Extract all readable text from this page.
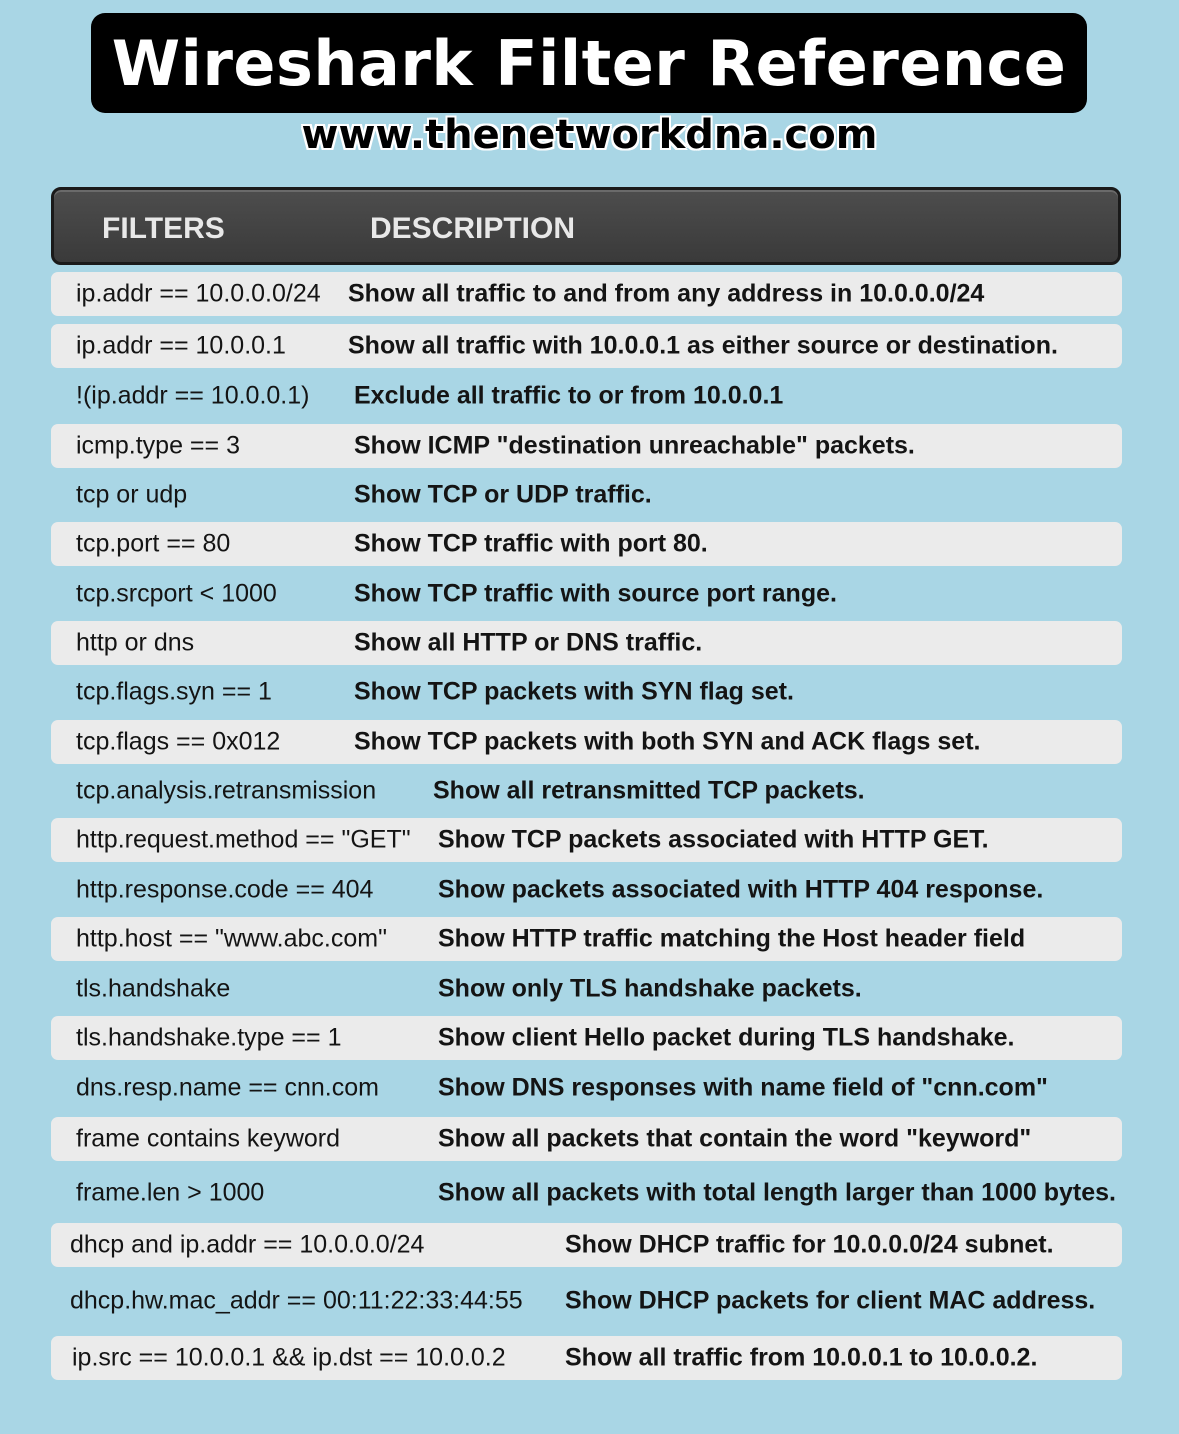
Wireshark Filter Reference
www.thenetworkdna.com
FILTERS	DESCRIPTION
ip.addr == 10.0.0.0/24 Show all traffic to and from any address in 10.0.0.0/24
ip.addr == 10.0.0.1 Show all traffic with 10.0.0.1 as either source or destination.
!(ip.addr == 10.0.0.1) Exclude all traffic to or from 10.0.0.1
icmp.type == 3	Show ICMP "destination unreachable" packets.
tcp or udp	Show TCP or UDP traffic.
tcp.port == 80	Show TCP traffic with port 80.
tcp.srcport < 1000	Show TCP traffic with source port range.
http or dns	Show all HTTP or DNS traffic.
tcp.flags.syn == 1	Show TCP packets with SYN flag set.
tcp.flags == 0x012	Show TCP packets with both SYN and ACK flags set.
tcp.analysis.retransmission Show all retransmitted TCP packets.
http.request.method == "GET" Show TCP packets associated with HTTP GET.
http.response.code == 404	Show packets associated with HTTP 404 response.
http.host == "www.abc.com" Show HTTP traffic matching the Host header field
tls.handshake	Show only TLS handshake packets.
tls.handshake.type == 1	Show client Hello packet during TLS handshake.
dns.resp.name == cnn.com Show DNS responses with name field of "cnn.com"
frame contains keyword	Show all packets that contain the word "keyword"
frame.len > 1000	Show all packets with total length larger than 1000 bytes.
dhcp and ip.addr == 10.0.0.0/24	Show DHCP traffic for 10.0.0.0/24 subnet.
dhcp.hw.mac_addr == 00:11:22:33:44:55 Show DHCP packets for client MAC address.
ip.src == 10.0.0.1 && ip.dst == 10.0.0.2 Show all traffic from 10.0.0.1 to 10.0.0.2.
